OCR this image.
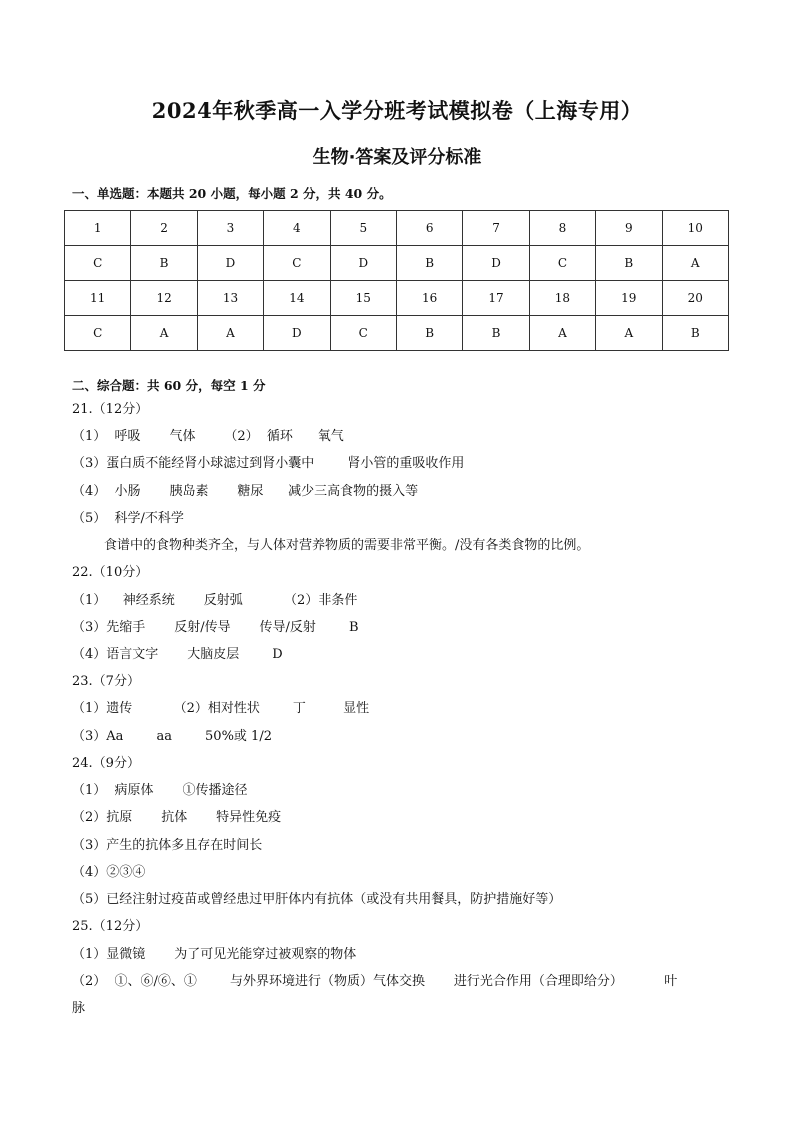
2024年秋季高一入学分班考试模拟卷（上海专用）
生物·答案及评分标准
一、单选题：本题共 20 小题，每小题 2 分，共 40 分。
1	2	3	4	5	6	7	8	9	10
C	B	D	C	D	B	D	C	B	A
11	12	13	14	15	16	17	18	19	20
C	A	A	D	C	B	B	A	A	B
二、综合题：共 60 分，每空 1 分
21.（12分）
（1）  呼吸       气体       （2）  循环      氧气
（3）蛋白质不能经肾小球滤过到肾小囊中        肾小管的重吸收作用
（4）  小肠       胰岛素       糖尿      减少三高食物的摄入等
（5）  科学/不科学
食谱中的食物种类齐全，与人体对营养物质的需要非常平衡。/没有各类食物的比例。
22.（10分）
（1）    神经系统       反射弧          （2）非条件
（3）先缩手       反射/传导       传导/反射        B
（4）语言文字       大脑皮层        D
23.（7分）
（1）遗传          （2）相对性状        丁         显性
（3）Aa        aa        50%或 1/2
24.（9分）
（1）  病原体       ①传播途径
（2）抗原       抗体       特异性免疫
（3）产生的抗体多且存在时间长
（4）②③④
（5）已经注射过疫苗或曾经患过甲肝体内有抗体（或没有共用餐具，防护措施好等）
25.（12分）
（1）显微镜       为了可见光能穿过被观察的物体
（2）  ①、⑥/⑥、①        与外界环境进行（物质）气体交换       进行光合作用（合理即给分）          叶
脉
